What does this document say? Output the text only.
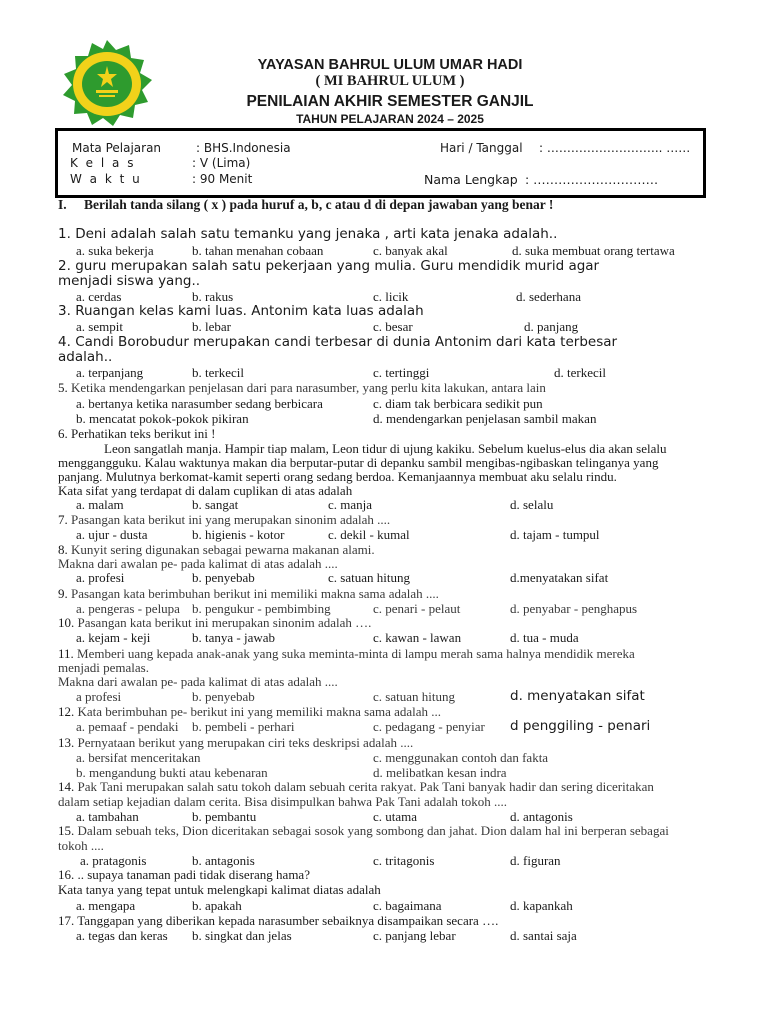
YAYASAN BAHRUL ULUM UMAR HADI
( MI BAHRUL ULUM )
PENILAIAN AKHIR SEMESTER GANJIL
TAHUN PELAJARAN 2024 – 2025
Mata Pelajaran	: BHS.Indonesia
K e l a s	: V (Lima)
W a k t u	: 90 Menit
Hari / Tanggal : ……………………….. ……
Nama Lengkap : …………………………
I. Berilah tanda silang ( x ) pada huruf a, b, c atau d di depan jawaban yang benar !
1. Deni adalah salah satu temanku yang jenaka , arti kata jenaka adalah..
a. suka bekerja	b. tahan menahan cobaan	c. banyak akal	d. suka membuat orang tertawa
2. guru merupakan salah satu pekerjaan yang mulia. Guru mendidik murid agar
menjadi siswa yang..
a. cerdas	b. rakus	c. licik	d. sederhana
3. Ruangan kelas kami luas. Antonim kata luas adalah
a. sempit	b. lebar	c. besar	d. panjang
4. Candi Borobudur merupakan candi terbesar di dunia Antonim dari kata terbesar
adalah..
a. terpanjang	b. terkecil	c. tertinggi	d. terkecil
5. Ketika mendengarkan penjelasan dari para narasumber, yang perlu kita lakukan, antara lain
a. bertanya ketika narasumber sedang berbicara	c. diam tak berbicara sedikit pun
b. mencatat pokok-pokok pikiran	d. mendengarkan penjelasan sambil makan
6. Perhatikan teks berikut ini !
Leon sangatlah manja. Hampir tiap malam, Leon tidur di ujung kakiku. Sebelum kuelus-elus dia akan selalu
menggangguku. Kalau waktunya makan dia berputar-putar di depanku sambil mengibas-ngibaskan telinganya yang
panjang. Mulutnya berkomat-kamit seperti orang sedang berdoa. Kemanjaannya membuat aku selalu rindu.
Kata sifat yang terdapat di dalam cuplikan di atas adalah
a. malam	b. sangat	c. manja	d. selalu
7. Pasangan kata berikut ini yang merupakan sinonim adalah ....
a. ujur - dusta	b. higienis - kotor	c. dekil - kumal	d. tajam - tumpul
8. Kunyit sering digunakan sebagai pewarna makanan alami.
Makna dari awalan pe- pada kalimat di atas adalah ....
a. profesi	b. penyebab	c. satuan hitung	d.menyatakan sifat
9. Pasangan kata berimbuhan berikut ini memiliki makna sama adalah ....
a. pengeras - pelupa b. pengukur - pembimbing	c. penari - pelaut	d. penyabar - penghapus
10. Pasangan kata berikut ini merupakan sinonim adalah ….
a. kejam - keji	b. tanya - jawab	c. kawan - lawan	d. tua - muda
11. Memberi uang kepada anak-anak yang suka meminta-minta di lampu merah sama halnya mendidik mereka
menjadi pemalas.
Makna dari awalan pe- pada kalimat di atas adalah ....
a profesi	b. penyebab	c. satuan hitung	d. menyatakan sifat
12. Kata berimbuhan pe- berikut ini yang memiliki makna sama adalah ...
a. pemaaf - pendaki b. pembeli - perhari	c. pedagang - penyiar d penggiling - penari
13. Pernyataan berikut yang merupakan ciri teks deskripsi adalah ....
a. bersifat menceritakan	c. menggunakan contoh dan fakta
b. mengandung bukti atau kebenaran	d. melibatkan kesan indra
14. Pak Tani merupakan salah satu tokoh dalam sebuah cerita rakyat. Pak Tani banyak hadir dan sering diceritakan
dalam setiap kejadian dalam cerita. Bisa disimpulkan bahwa Pak Tani adalah tokoh ....
a. tambahan	b. pembantu	c. utama	d. antagonis
15. Dalam sebuah teks, Dion diceritakan sebagai sosok yang sombong dan jahat. Dion dalam hal ini berperan sebagai
tokoh ....
a. pratagonis	b. antagonis	c. tritagonis	d. figuran
16. .. supaya tanaman padi tidak diserang hama?
Kata tanya yang tepat untuk melengkapi kalimat diatas adalah
a. mengapa	b. apakah	c. bagaimana	d. kapankah
17. Tanggapan yang diberikan kepada narasumber sebaiknya disampaikan secara ….
a. tegas dan keras b. singkat dan jelas	c. panjang lebar	d. santai saja
